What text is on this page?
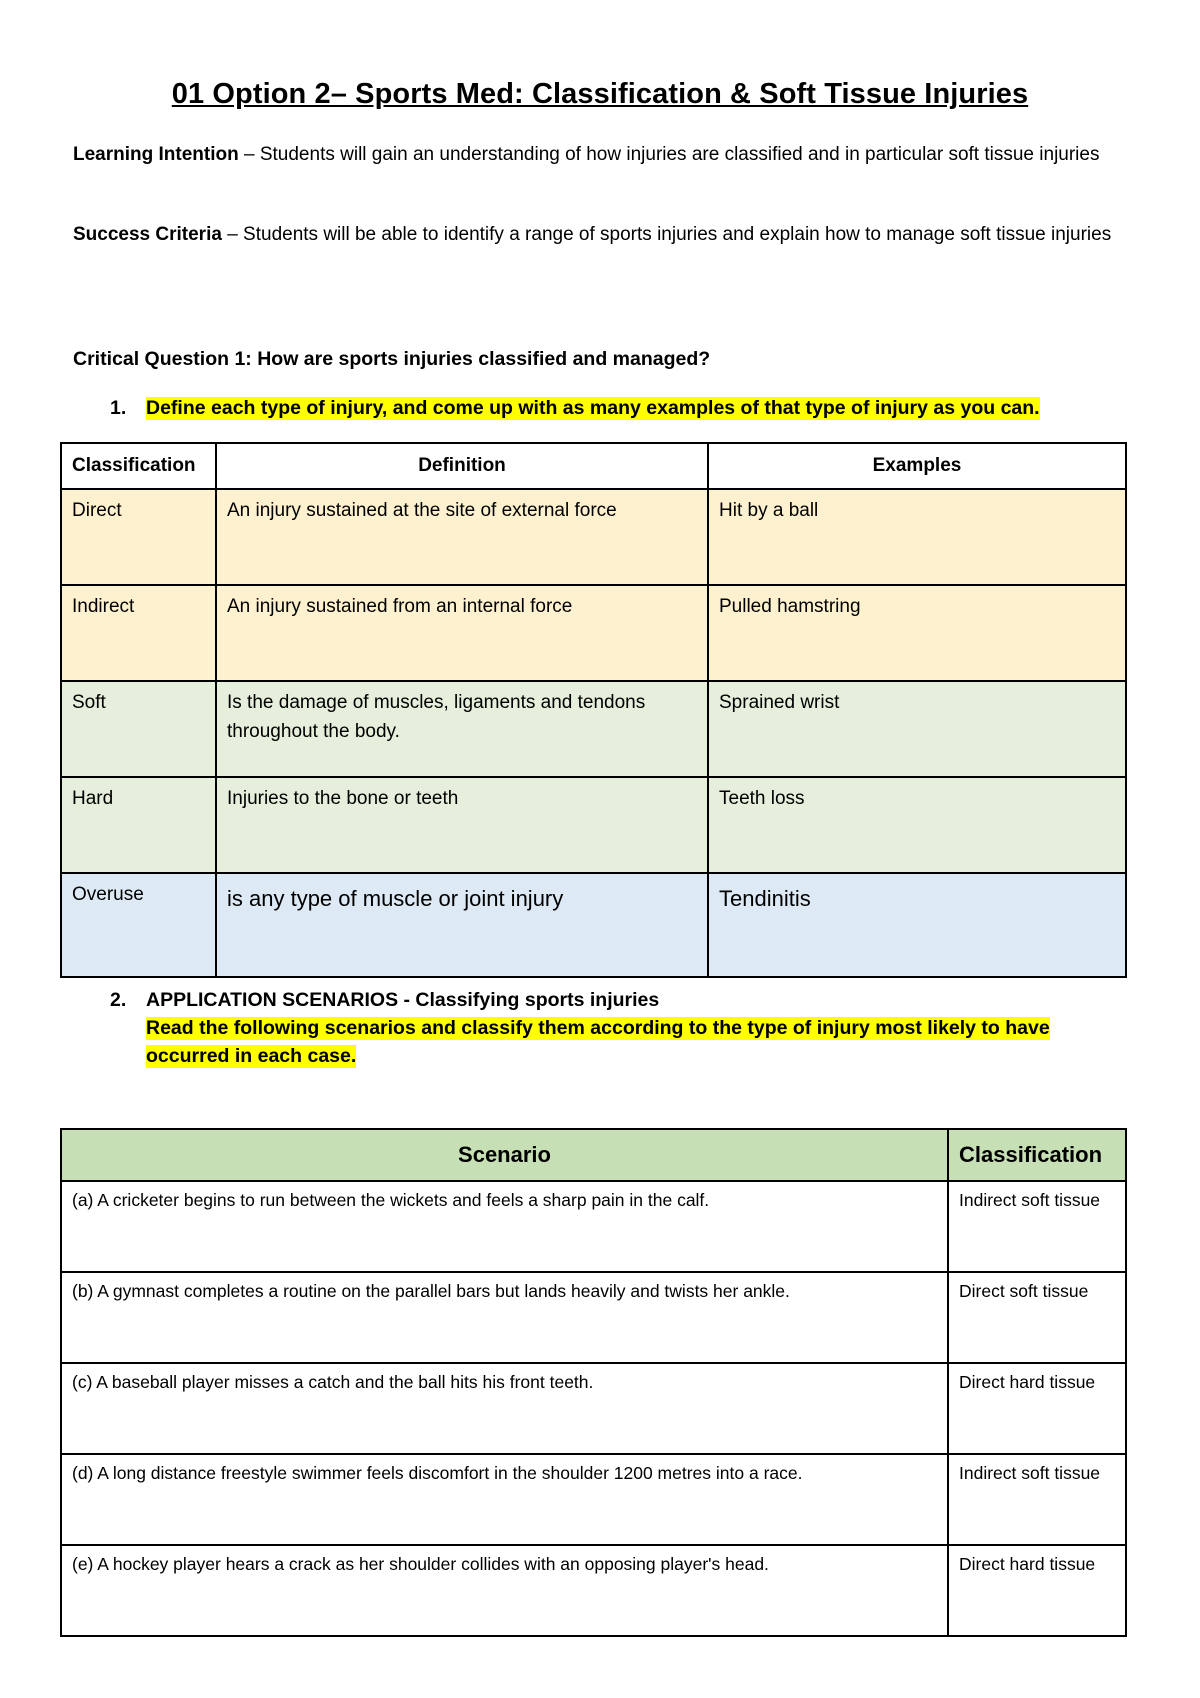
01 Option 2– Sports Med: Classification & Soft Tissue Injuries
Learning Intention – Students will gain an understanding of how injuries are classified and in particular soft tissue injuries
Success Criteria – Students will be able to identify a range of sports injuries and explain how to manage soft tissue injuries
Critical Question 1: How are sports injuries classified and managed?
1.	Define each type of injury, and come up with as many examples of that type of injury as you can.
Classification	Definition	Examples
Direct	An injury sustained at the site of external force	Hit by a ball
Indirect	An injury sustained from an internal force	Pulled hamstring
Soft	Is the damage of muscles, ligaments and tendons throughout the body.	Sprained wrist
Hard	Injuries to the bone or teeth	Teeth loss
Overuse	is any type of muscle or joint injury	Tendinitis
2.	APPLICATION SCENARIOS - Classifying sports injuries
Read the following scenarios and classify them according to the type of injury most likely to have
occurred in each case.
Scenario	Classification
(a) A cricketer begins to run between the wickets and feels a sharp pain in the calf.	Indirect soft tissue
(b) A gymnast completes a routine on the parallel bars but lands heavily and twists her ankle.	Direct soft tissue
(c) A baseball player misses a catch and the ball hits his front teeth.	Direct hard tissue
(d) A long distance freestyle swimmer feels discomfort in the shoulder 1200 metres into a race.	Indirect soft tissue
(e) A hockey player hears a crack as her shoulder collides with an opposing player's head.	Direct hard tissue
